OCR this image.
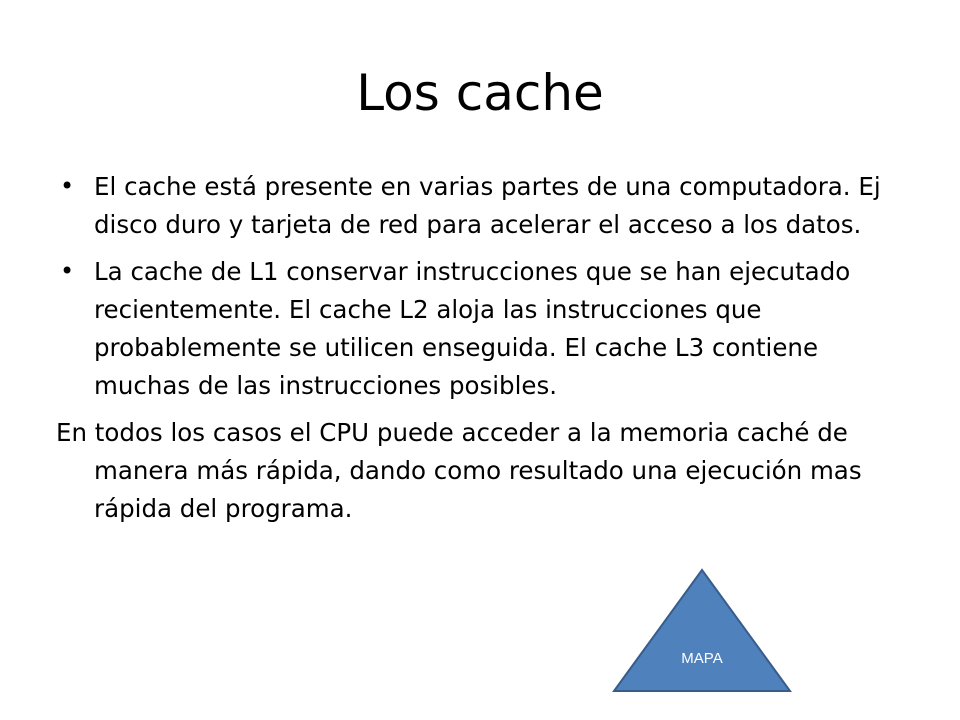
Los cache
• El cache está presente en varias partes de una computadora. Ej disco duro y tarjeta de red para acelerar el acceso a los datos.
• La cache de L1 conservar instrucciones que se han ejecutado recientemente. El cache L2 aloja las instrucciones que probablemente se utilicen enseguida. El cache L3 contiene muchas de las instrucciones posibles.

En todos los casos el CPU puede acceder a la memoria caché de manera más rápida, dando como resultado una ejecución mas rápida del programa.

MAPA
